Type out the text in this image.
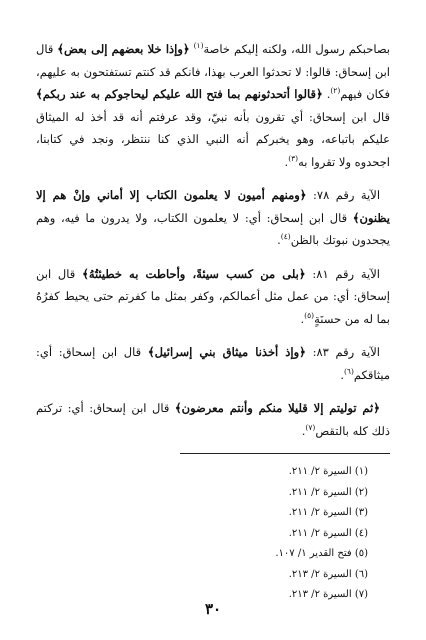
بصاحبكم رسول الله، ولكنه إليكم خاصة$^{(١)}$ ﴿وإذا خلا بعضهم إلى بعض﴾ قال ابن إسحاق: قالوا: لا تحدثوا العرب بهذا، فانكم قد كنتم تستفتحون به عليهم، فكان فيهم$^{(٢)}$. ﴿قالوا أتحدثونهم بما فتح الله عليكم ليحاجوكم به عند ربكم﴾ قال ابن إسحاق: أي تقرون بأنه نبيّ، وقد عرفتم أنه قد أخذ له الميثاق عليكم باتباعه، وهو يخبركم أنه النبي الذي كنا ننتظر، ونجد في كتابنا، اجحدوه ولا تقروا به$^{(٣)}$.

الآية رقم ٧٨: ﴿ومنهم أميون لا يعلمون الكتاب إلا أماني وإنْ هم إلا يظنون﴾ قال ابن إسحاق: أي: لا يعلمون الكتاب، ولا يدرون ما فيه، وهم يجحدون نبوتك بالظن$^{(٤)}$.

الآية رقم ٨١: ﴿بلى من كسب سيئةً، وأحاطت به خطيئتُهُ﴾ قال ابن إسحاق: أي: من عمل مثل أعمالكم، وكفر بمثل ما كفرتم حتى يحيط كفرُهُ بما له من حسنَةٍ$^{(٥)}$.

الآية رقم ٨٣: ﴿وإذ أخذنا ميثاق بني إسرائيل﴾ قال ابن إسحاق: أي: ميثاقكم$^{(٦)}$.

﴿ثم توليتم إلا قليلا منكم وأنتم معرضون﴾ قال ابن إسحاق: أي: تركتم ذلك كله بالتقص$^{(٧)}$.

(١) السيرة ٢/ ٢١١.

(٢) السيرة ٢/ ٢١١.

(٣) السيرة ٢/ ٢١١.

(٤) السيرة ٢/ ٢١١.

(٥) فتح القدير ١/ ١٠٧.

(٦) السيرة ٢/ ٢١٣.

(٧) السيرة ٢/ ٢١٣.

٣٠
